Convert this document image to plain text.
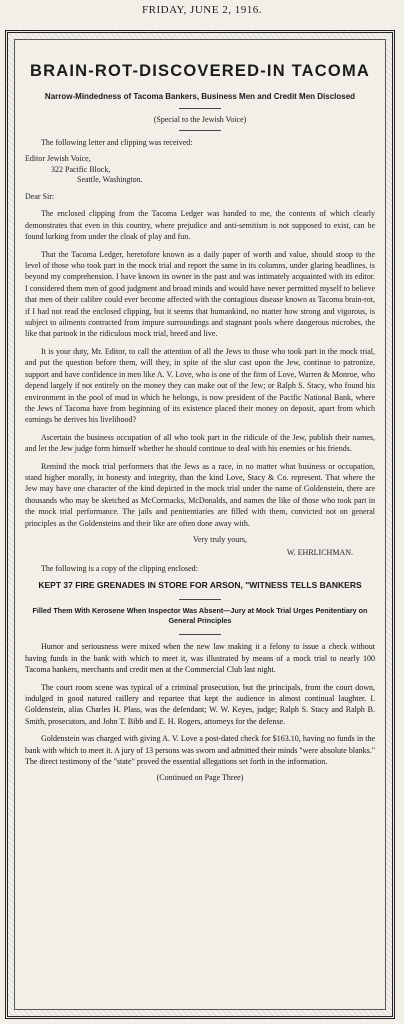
FRIDAY, JUNE 2, 1916.
BRAIN-ROT-DISCOVERED-IN TACOMA
Narrow-Mindedness of Tacoma Bankers, Business Men and Credit Men Disclosed
(Special to the Jewish Voice)

The following letter and clipping was received:

Editor Jewish Voice,
322 Pacific Block,
Seattle, Washington.
Dear Sir:

The enclosed clipping from the Tacoma Ledger was handed to me, the contents of which clearly demonstrates that even in this country, where prejudice and anti-semitism is not supposed to exist, can be found lurking from under the cloak of play and fun.

That the Tacoma Ledger, heretofore known as a daily paper of worth and value, should stoop to the level of those who took part in the mock trial and report the same in its columns, under glaring headlines, is beyond my comprehension. I have known its owner in the past and was intimately acquainted with its editor. I considered them men of good judgment and broad minds and would have never permitted myself to believe that men of their calibre could ever become affected with the contagious disease known as Tacoma brain-rot, if I had not read the enclosed clipping, but it seems that humankind, no matter how strong and vigorous, is subject to ailments contracted from impure surroundings and stagnant pools where dangerous microbes, the like that partook in the ridiculous mock trial, breed and live.

It is your duty, Mr. Editor, to call the attention of all the Jews to those who took part in the mock trial, and put the question before them, will they, in spite of the slur cast upon the Jew, continue to patronize, support and have confidence in men like A. V. Love, who is one of the firm of Love, Warren & Monroe, who depend largely if not entirely on the money they can make out of the Jew; or Ralph S. Stacy, who found his environment in the pool of mud in which he belongs, is now president of the Pacific National Bank, where the Jews of Tacoma have from beginning of its existence placed their money on deposit, apart from which earnings he derives his livelihood?

Ascertain the business occupation of all who took part in the ridicule of the Jew, publish their names, and let the Jew judge form himself whether he should continue to deal with his enemies or his friends.

Remind the mock trial performers that the Jews as a race, in no matter what business or occupation, stand higher morally, in honesty and integrity, than the kind Love, Stacy & Co. represent. That where the Jew may have one character of the kind depicted in the mock trial under the name of Goldenstein, there are thousands who may be sketched as McCormacks, McDonalds, and names the like of those who took part in the mock trial performance. The jails and penitentiaries are filled with them, convicted not on general principles as the Goldensteins and their like are often done away with.

Very truly yours,
W. EHRLICHMAN.

The following is a copy of the clipping enclosed:

KEPT 37 FIRE GRENADES IN STORE FOR ARSON, "WITNESS TELLS BANKERS
Filled Them With Kerosene When Inspector Was Absent—Jury at Mock Trial Urges Penitentiary on General Principles

Humor and seriousness were mixed when the new law making it a felony to issue a check without having funds in the bank with which to meet it, was illustrated by means of a mock trial to nearly 100 Tacoma bankers, merchants and credit men at the Commercial Club last night.

The court room scene was typical of a criminal prosecution, but the principals, from the court down, indulged in good natured raillery and repartee that kept the audience in almost continual laughter. I. Goldenstein, alias Charles H. Plass, was the defendant; W. W. Keyes, judge; Ralph S. Stacy and Ralph B. Smith, prosecutors, and John T. Bibb and E. H. Rogers, attorneys for the defense.

Goldenstein was charged with giving A. V. Love a post-dated check for $163.10, having no funds in the bank with which to meet it. A jury of 13 persons was sworn and admitted their minds "were absolute blanks." The direct testimony of the "state" proved the essential allegations set forth in the information.

(Continued on Page Three)
